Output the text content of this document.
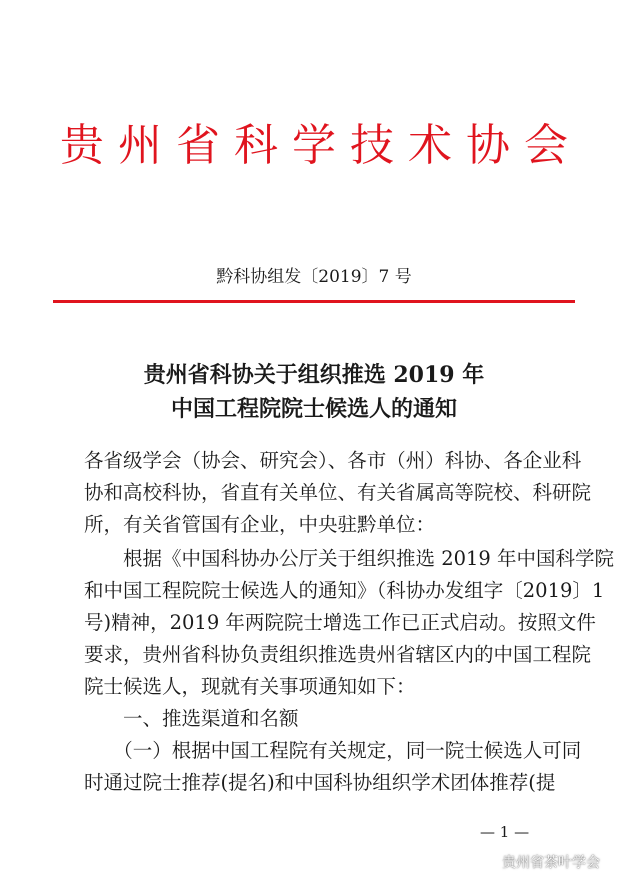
贵州省科学技术协会
黔科协组发〔2019〕7 号
贵州省科协关于组织推选 2019 年
中国工程院院士候选人的通知
各省级学会（协会、研究会）、各市（州）科协、各企业科
协和高校科协，省直有关单位、有关省属高等院校、科研院
所，有关省管国有企业，中央驻黔单位：
　　根据《中国科协办公厅关于组织推选 2019 年中国科学院
和中国工程院院士候选人的通知》（科协办发组字〔2019〕1
号)精神，2019 年两院院士增选工作已正式启动。按照文件
要求，贵州省科协负责组织推选贵州省辖区内的中国工程院
院士候选人，现就有关事项通知如下：
　　一、推选渠道和名额
　　（一）根据中国工程院有关规定，同一院士候选人可同
时通过院士推荐(提名)和中国科协组织学术团体推荐(提
— 1 —
贵州省茶叶学会
